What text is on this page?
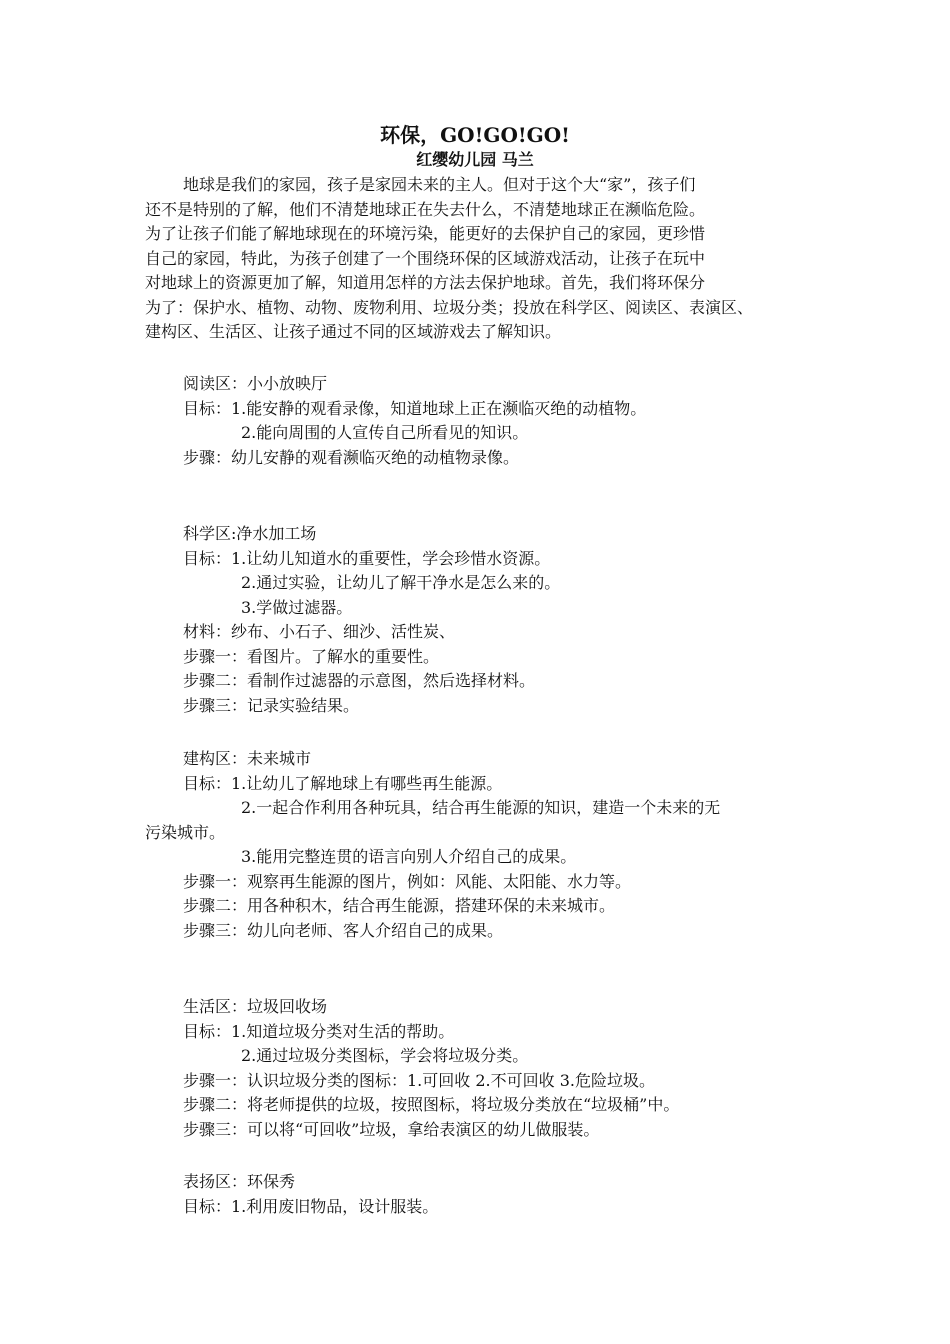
环保，GO!GO!GO!
红缨幼儿园 马兰
地球是我们的家园，孩子是家园未来的主人。但对于这个大“家”，孩子们
还不是特别的了解，他们不清楚地球正在失去什么，不清楚地球正在濒临危险。
为了让孩子们能了解地球现在的环境污染，能更好的去保护自己的家园，更珍惜
自己的家园，特此，为孩子创建了一个围绕环保的区域游戏活动，让孩子在玩中
对地球上的资源更加了解，知道用怎样的方法去保护地球。首先，我们将环保分
为了：保护水、植物、动物、废物利用、垃圾分类；投放在科学区、阅读区、表演区、
建构区、生活区、让孩子通过不同的区域游戏去了解知识。
阅读区：小小放映厅
目标：1.能安静的观看录像，知道地球上正在濒临灭绝的动植物。
2.能向周围的人宣传自己所看见的知识。
步骤：幼儿安静的观看濒临灭绝的动植物录像。
科学区:净水加工场
目标：1.让幼儿知道水的重要性，学会珍惜水资源。
2.通过实验，让幼儿了解干净水是怎么来的。
3.学做过滤器。
材料：纱布、小石子、细沙、活性炭、
步骤一：看图片。了解水的重要性。
步骤二：看制作过滤器的示意图，然后选择材料。
步骤三：记录实验结果。
建构区：未来城市
目标：1.让幼儿了解地球上有哪些再生能源。
2.一起合作利用各种玩具，结合再生能源的知识，建造一个未来的无
污染城市。
3.能用完整连贯的语言向别人介绍自己的成果。
步骤一：观察再生能源的图片，例如：风能、太阳能、水力等。
步骤二：用各种积木，结合再生能源，搭建环保的未来城市。
步骤三：幼儿向老师、客人介绍自己的成果。
生活区：垃圾回收场
目标：1.知道垃圾分类对生活的帮助。
2.通过垃圾分类图标，学会将垃圾分类。
步骤一：认识垃圾分类的图标：1.可回收 2.不可回收 3.危险垃圾。
步骤二：将老师提供的垃圾，按照图标，将垃圾分类放在“垃圾桶”中。
步骤三：可以将“可回收”垃圾，拿给表演区的幼儿做服装。
表扬区：环保秀
目标：1.利用废旧物品，设计服装。
